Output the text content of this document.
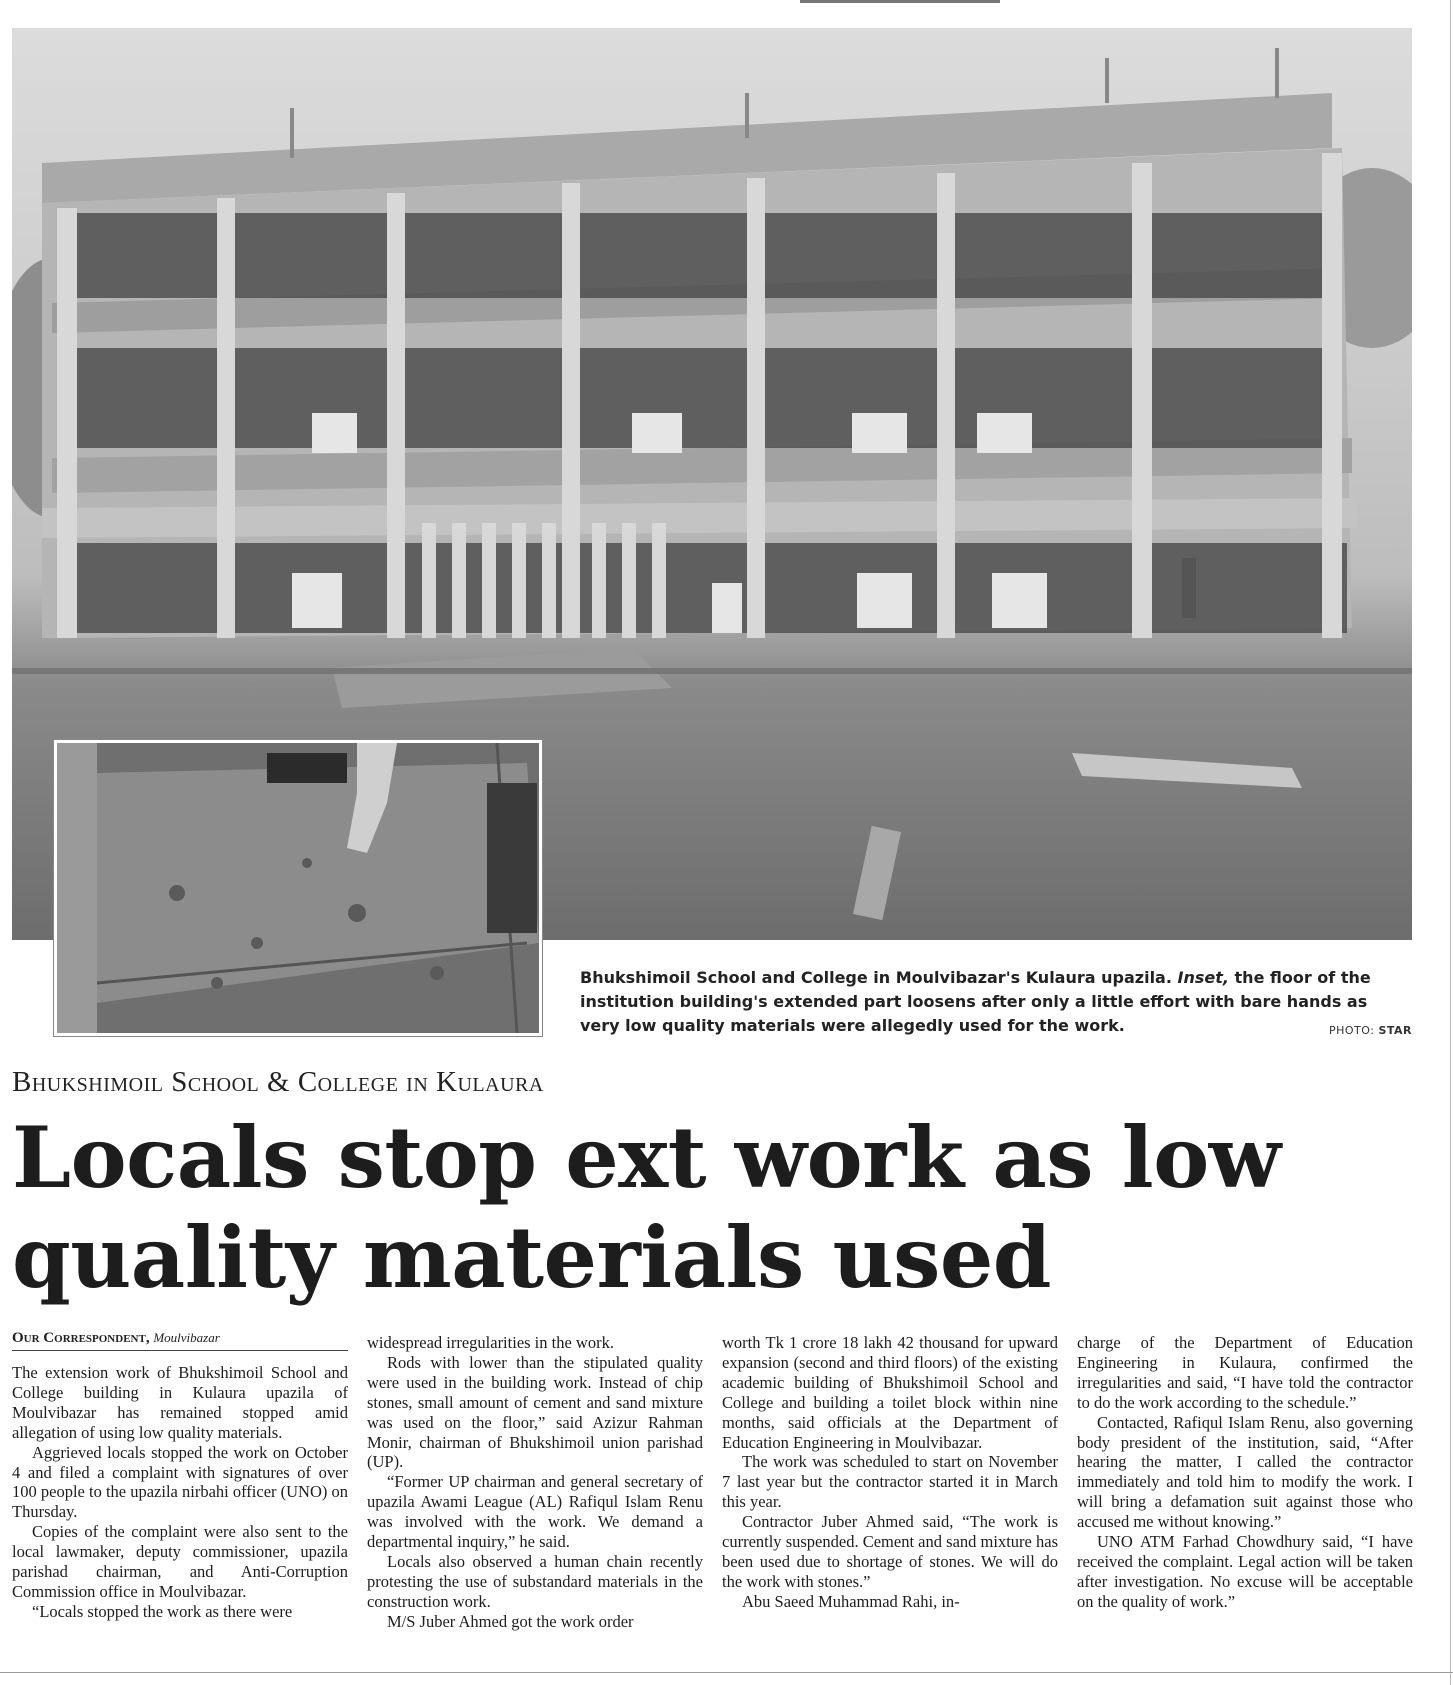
Bhukshimoil School and College in Moulvibazar's Kulaura upazila. Inset, the floor of the institution building's extended part loosens after only a little effort with bare hands as very low quality materials were allegedly used for the work.	PHOTO: STAR
Bhukshimoil School & College in Kulaura
Locals stop ext work as low quality materials used
Our Correspondent, Moulvibazar

The extension work of Bhukshimoil School and College building in Kulaura upazila of Moulvibazar has remained stopped amid allegation of using low quality materials.

Aggrieved locals stopped the work on October 4 and filed a complaint with signatures of over 100 people to the upazila nirbahi officer (UNO) on Thursday.

Copies of the complaint were also sent to the local lawmaker, deputy commissioner, upazila parishad chairman, and Anti-Corruption Commission office in Moulvibazar.

“Locals stopped the work as there were

widespread irregularities in the work.

Rods with lower than the stipulated quality were used in the building work. Instead of chip stones, small amount of cement and sand mixture was used on the floor,” said Azizur Rahman Monir, chairman of Bhukshimoil union parishad (UP).

“Former UP chairman and general secretary of upazila Awami League (AL) Rafiqul Islam Renu was involved with the work. We demand a departmental inquiry,” he said.

Locals also observed a human chain recently protesting the use of substandard materials in the construction work.

M/S Juber Ahmed got the work order

worth Tk 1 crore 18 lakh 42 thousand for upward expansion (second and third floors) of the existing academic building of Bhukshimoil School and College and building a toilet block within nine months, said officials at the Department of Education Engineering in Moulvibazar.

The work was scheduled to start on November 7 last year but the contractor started it in March this year.

Contractor Juber Ahmed said, “The work is currently suspended. Cement and sand mixture has been used due to shortage of stones. We will do the work with stones.”

Abu Saeed Muhammad Rahi, in-

charge of the Department of Education Engineering in Kulaura, confirmed the irregularities and said, “I have told the contractor to do the work according to the schedule.”

Contacted, Rafiqul Islam Renu, also governing body president of the institution, said, “After hearing the matter, I called the contractor immediately and told him to modify the work. I will bring a defamation suit against those who accused me without knowing.”

UNO ATM Farhad Chowdhury said, “I have received the complaint. Legal action will be taken after investigation. No excuse will be acceptable on the quality of work.”
